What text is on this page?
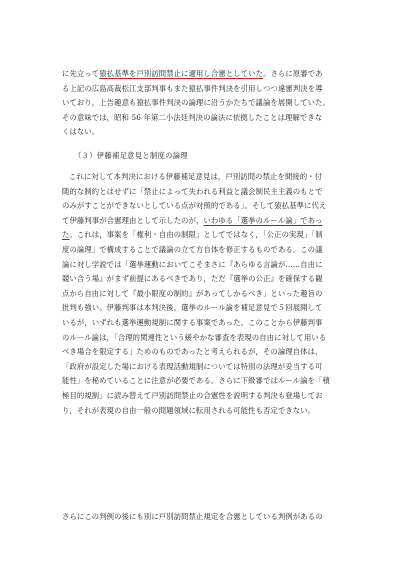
に先立って猿払基準を戸別訪問禁止に適用し合憲としていた。さらに原審であ
る上記の広島高裁松江支部判事もまた猿払事件判決を引用しつつ違憲判決を導
いており，上告趣意も猿払事件判決の論理に沿うかたちで議論を展開していた。
その意味では，昭和 56 年第二小法廷判決の論法に依拠したことは理解できな
くはない。
（３）伊藤補足意見と制度の論理
これに対して本判決における伊藤補足意見は，戸別訪問の禁止を間接的・付
随的な制約とはせずに「禁止によって失われる利益と議会制民主主義のもとで
のみがすことができないとしている点が対照的である」。そして猿払基準に代え
て伊藤判事が合憲理由として示したのが，いわゆる「選挙のルール論」であっ
た。これは，事案を「権利・自由の制限」としてではなく，「公正の実現」「制
度の論理」で構成することで議論の立て方自体を修正するものである。この議
論に対し学説では「選挙運動においてこそまさに『あらゆる言論が……自由に
競い合う場』がまず前提にあるべきであり，ただ『選挙の公正』を確保する観
点から自由に対して『最小限度の制約』があってしかるべき」といった趣旨の
批判も強い。伊藤判事は本判決後，選挙のルール論を補足意見で５回展開して
いるが，いずれも選挙運動規制に関する事案であった。このことから伊藤判事
のルール論は，「合理的関連性という緩やかな審査を表現の自由に対して用いる
べき場合を限定する」ためのものであったと考えられるが，その論理自体は，
「政府が設定した場における表現活動規制については特別の法理が妥当する可
能性」を秘めていることに注意が必要である。さらに下級審ではルール論を「積
極目的規制」に読み替えて戸別訪問禁止の合憲性を説明する判決も登場してお
り，それが表現の自由一般の問題領域に転用される可能性も否定できない。
さらにこの判例の後にも別に戸別訪問禁止規定を合憲としている判例があるの
